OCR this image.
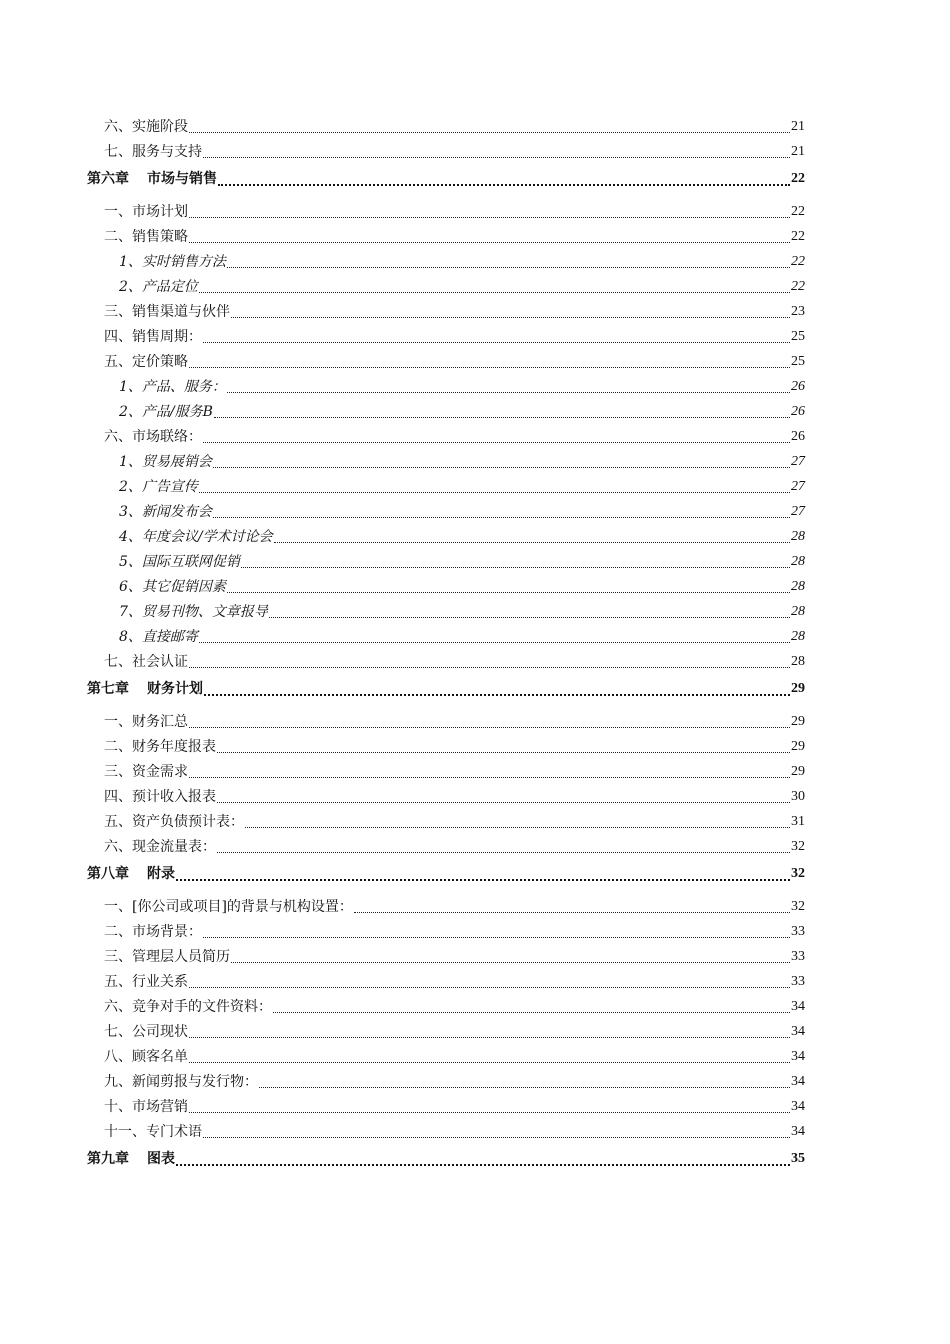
六、实施阶段	21
七、服务与支持	21
第六章 市场与销售	22
一、市场计划	22
二、销售策略	22
1、实时销售方法	22
2、产品定位	22
三、销售渠道与伙伴	23
四、销售周期：	25
五、定价策略	25
1、产品、服务：	26
2、产品/服务B	26
六、市场联络：	26
1、贸易展销会	27
2、广告宣传	27
3、新闻发布会	27
4、年度会议/学术讨论会	28
5、国际互联网促销	28
6、其它促销因素	28
7、贸易刊物、文章报导	28
8、直接邮寄	28
七、社会认证	28
第七章 财务计划	29
一、财务汇总	29
二、财务年度报表	29
三、资金需求	29
四、预计收入报表	30
五、资产负债预计表：	31
六、现金流量表：	32
第八章 附录	32
一、[你公司或项目]的背景与机构设置：	32
二、市场背景：	33
三、管理层人员简历	33
五、行业关系	33
六、竞争对手的文件资料：	34
七、公司现状	34
八、顾客名单	34
九、新闻剪报与发行物：	34
十、市场营销	34
十一、专门术语	34
第九章 图表	35
